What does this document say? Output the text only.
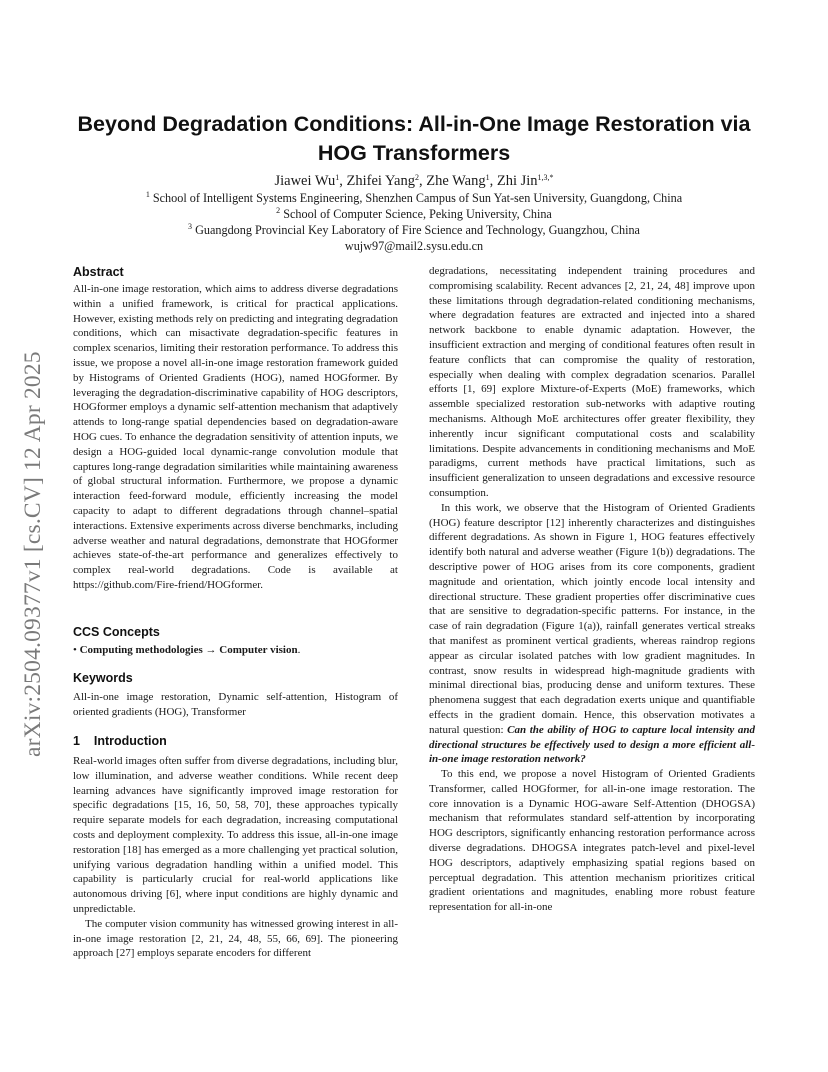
arXiv:2504.09377v1 [cs.CV] 12 Apr 2025
Beyond Degradation Conditions: All-in-One Image Restoration via HOG Transformers
Jiawei Wu$^1$, Zhifei Yang$^2$, Zhe Wang$^1$, Zhi Jin$^{1,3,*}$
$^1$ School of Intelligent Systems Engineering, Shenzhen Campus of Sun Yat-sen University, Guangdong, China
$^2$ School of Computer Science, Peking University, China
$^3$ Guangdong Provincial Key Laboratory of Fire Science and Technology, Guangzhou, China
wujw97@mail2.sysu.edu.cn
Abstract

All-in-one image restoration, which aims to address diverse degradations within a unified framework, is critical for practical applications. However, existing methods rely on predicting and integrating degradation conditions, which can misactivate degradation-specific features in complex scenarios, limiting their restoration performance. To address this issue, we propose a novel all-in-one image restoration framework guided by Histograms of Oriented Gradients (HOG), named HOGformer. By leveraging the degradation-discriminative capability of HOG descriptors, HOGformer employs a dynamic self-attention mechanism that adaptively attends to long-range spatial dependencies based on degradation-aware HOG cues. To enhance the degradation sensitivity of attention inputs, we design a HOG-guided local dynamic-range convolution module that captures long-range degradation similarities while maintaining awareness of global structural information. Furthermore, we propose a dynamic interaction feed-forward module, efficiently increasing the model capacity to adapt to different degradations through channel–spatial interactions. Extensive experiments across diverse benchmarks, including adverse weather and natural degradations, demonstrate that HOGformer achieves state-of-the-art performance and generalizes effectively to complex real-world degradations. Code is available at https://github.com/Fire-friend/HOGformer.

CCS Concepts
• Computing methodologies → Computer vision.
Keywords

All-in-one image restoration, Dynamic self-attention, Histogram of oriented gradients (HOG), Transformer

1    Introduction

Real-world images often suffer from diverse degradations, including blur, low illumination, and adverse weather conditions. While recent deep learning advances have significantly improved image restoration for specific degradations [15, 16, 50, 58, 70], these approaches typically require separate models for each degradation, increasing computational costs and deployment complexity. To address this issue, all-in-one image restoration [18] has emerged as a more challenging yet practical solution, unifying various degradation handling within a unified model. This capability is particularly crucial for real-world applications like autonomous driving [6], where input conditions are highly dynamic and unpredictable.

The computer vision community has witnessed growing interest in all-in-one image restoration [2, 21, 24, 48, 55, 66, 69]. The pioneering approach [27] employs separate encoders for different

degradations, necessitating independent training procedures and compromising scalability. Recent advances [2, 21, 24, 48] improve upon these limitations through degradation-related conditioning mechanisms, where degradation features are extracted and injected into a shared network backbone to enable dynamic adaptation. However, the insufficient extraction and merging of conditional features often result in feature conflicts that can compromise the quality of restoration, especially when dealing with complex degradation scenarios. Parallel efforts [1, 69] explore Mixture-of-Experts (MoE) frameworks, which assemble specialized restoration sub-networks with adaptive routing mechanisms. Although MoE architectures offer greater flexibility, they inherently incur significant computational costs and scalability limitations. Despite advancements in conditioning mechanisms and MoE paradigms, current methods have practical limitations, such as insufficient generalization to unseen degradations and excessive resource consumption.

In this work, we observe that the Histogram of Oriented Gradients (HOG) feature descriptor [12] inherently characterizes and distinguishes different degradations. As shown in Figure 1, HOG features effectively identify both natural and adverse weather (Figure 1(b)) degradations. The descriptive power of HOG arises from its core components, gradient magnitude and orientation, which jointly encode local intensity and directional structure. These gradient properties offer discriminative cues that are sensitive to degradation-specific patterns. For instance, in the case of rain degradation (Figure 1(a)), rainfall generates vertical streaks that manifest as prominent vertical gradients, whereas raindrop regions appear as circular isolated patches with low gradient magnitudes. In contrast, snow results in widespread high-magnitude gradients with minimal directional bias, producing dense and uniform textures. These phenomena suggest that each degradation exerts unique and quantifiable effects in the gradient domain. Hence, this observation motivates a natural question: Can the ability of HOG to capture local intensity and directional structures be effectively used to design a more efficient all-in-one image restoration network?

To this end, we propose a novel Histogram of Oriented Gradients Transformer, called HOGformer, for all-in-one image restoration. The core innovation is a Dynamic HOG-aware Self-Attention (DHOGSA) mechanism that reformulates standard self-attention by incorporating HOG descriptors, significantly enhancing restoration performance across diverse degradations. DHOGSA integrates patch-level and pixel-level HOG descriptors, adaptively emphasizing spatial regions based on perceptual degradation. This attention mechanism prioritizes critical gradient orientations and magnitudes, enabling more robust feature representation for all-in-one
